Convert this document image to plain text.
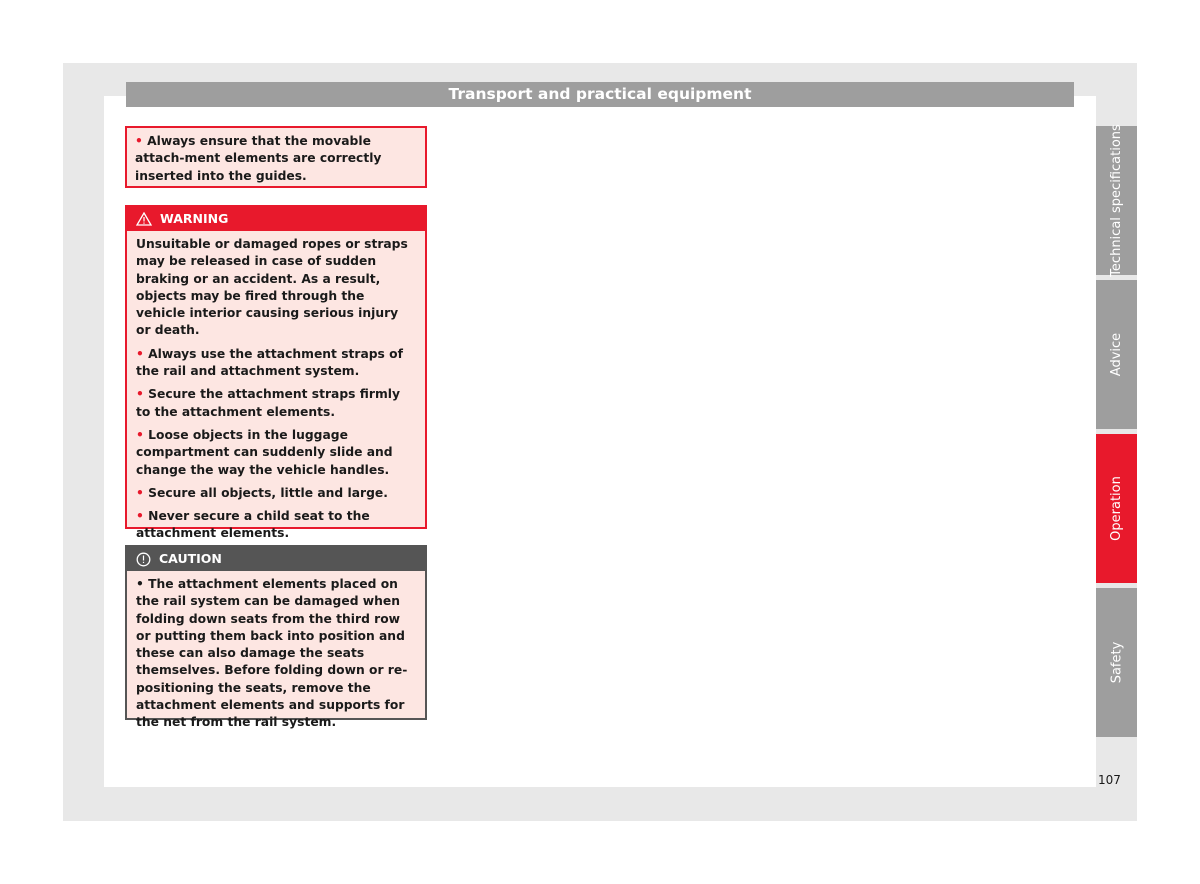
Transport and practical equipment

• Always ensure that the movable attach-ment elements are correctly inserted into the guides.

WARNING

Unsuitable or damaged ropes or straps may be released in case of sudden braking or an accident. As a result, objects may be fired through the vehicle interior causing serious injury or death.

• Always use the attachment straps of the rail and attachment system.

• Secure the attachment straps firmly to the attachment elements.

• Loose objects in the luggage compartment can suddenly slide and change the way the vehicle handles.

• Secure all objects, little and large.

• Never secure a child seat to the attachment elements.

CAUTION

• The attachment elements placed on the rail system can be damaged when folding down seats from the third row or putting them back into position and these can also damage the seats themselves. Before folding down or re-positioning the seats, remove the attachment elements and supports for the net from the rail system.

Technical specifications
Advice
Operation
Safety
107
